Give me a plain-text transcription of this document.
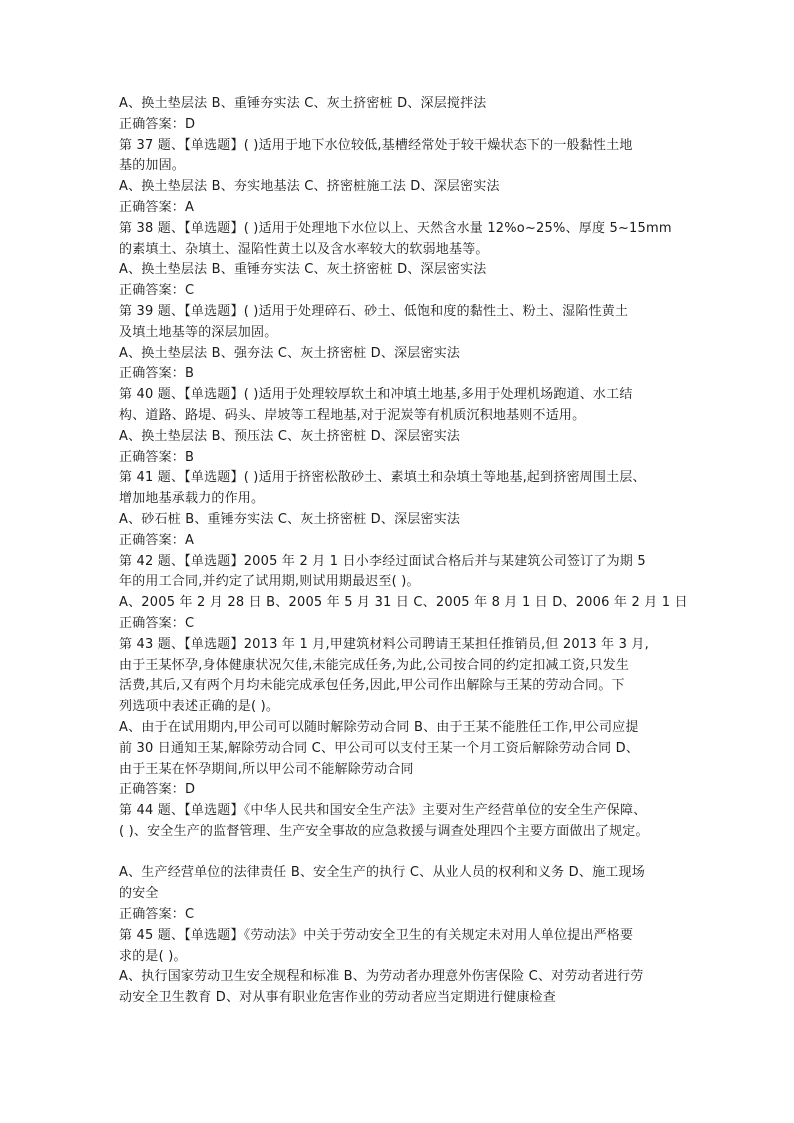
A、换土垫层法 B、重锤夯实法 C、灰土挤密桩 D、深层搅拌法
正确答案：D
第 37 题、【单选题】( )适用于地下水位较低,基槽经常处于较干燥状态下的一般黏性土地
基的加固。
A、换土垫层法 B、夯实地基法 C、挤密桩施工法 D、深层密实法
正确答案：A
第 38 题、【单选题】( )适用于处理地下水位以上、天然含水量 12%o~25%、厚度 5~15mm
的素填土、杂填土、湿陷性黄土以及含水率较大的软弱地基等。
A、换土垫层法 B、重锤夯实法 C、灰土挤密桩 D、深层密实法
正确答案：C
第 39 题、【单选题】( )适用于处理碎石、砂土、低饱和度的黏性土、粉土、湿陷性黄土
及填土地基等的深层加固。
A、换土垫层法 B、强夯法 C、灰土挤密桩 D、深层密实法
正确答案：B
第 40 题、【单选题】( )适用于处理较厚软土和冲填土地基,多用于处理机场跑道、水工结
构、道路、路堤、码头、岸坡等工程地基,对于泥炭等有机质沉积地基则不适用。
A、换土垫层法 B、预压法 C、灰土挤密桩 D、深层密实法
正确答案：B
第 41 题、【单选题】( )适用于挤密松散砂土、素填土和杂填土等地基,起到挤密周围土层、
增加地基承载力的作用。
A、砂石桩 B、重锤夯实法 C、灰土挤密桩 D、深层密实法
正确答案：A
第 42 题、【单选题】2005 年 2 月 1 日小李经过面试合格后并与某建筑公司签订了为期 5
年的用工合同,并约定了试用期,则试用期最迟至( )。
A、2005 年 2 月 28 日 B、2005 年 5 月 31 日 C、2005 年 8 月 1 日 D、2006 年 2 月 1 日
正确答案：C
第 43 题、【单选题】2013 年 1 月,甲建筑材料公司聘请王某担任推销员,但 2013 年 3 月,
由于王某怀孕,身体健康状况欠佳,未能完成任务,为此,公司按合同的约定扣减工资,只发生
活费,其后,又有两个月均未能完成承包任务,因此,甲公司作出解除与王某的劳动合同。下
列选项中表述正确的是( )。
A、由于在试用期内,甲公司可以随时解除劳动合同 B、由于王某不能胜任工作,甲公司应提
前 30 日通知王某,解除劳动合同 C、甲公司可以支付王某一个月工资后解除劳动合同 D、
由于王某在怀孕期间,所以甲公司不能解除劳动合同
正确答案：D
第 44 题、【单选题】《中华人民共和国安全生产法》主要对生产经营单位的安全生产保障、
( )、安全生产的监督管理、生产安全事故的应急救援与调查处理四个主要方面做出了规定。
A、生产经营单位的法律责任 B、安全生产的执行 C、从业人员的权利和义务 D、施工现场
的安全
正确答案：C
第 45 题、【单选题】《劳动法》中关于劳动安全卫生的有关规定未对用人单位提出严格要
求的是( )。
A、执行国家劳动卫生安全规程和标准 B、为劳动者办理意外伤害保险 C、对劳动者进行劳
动安全卫生教育 D、对从事有职业危害作业的劳动者应当定期进行健康检查
